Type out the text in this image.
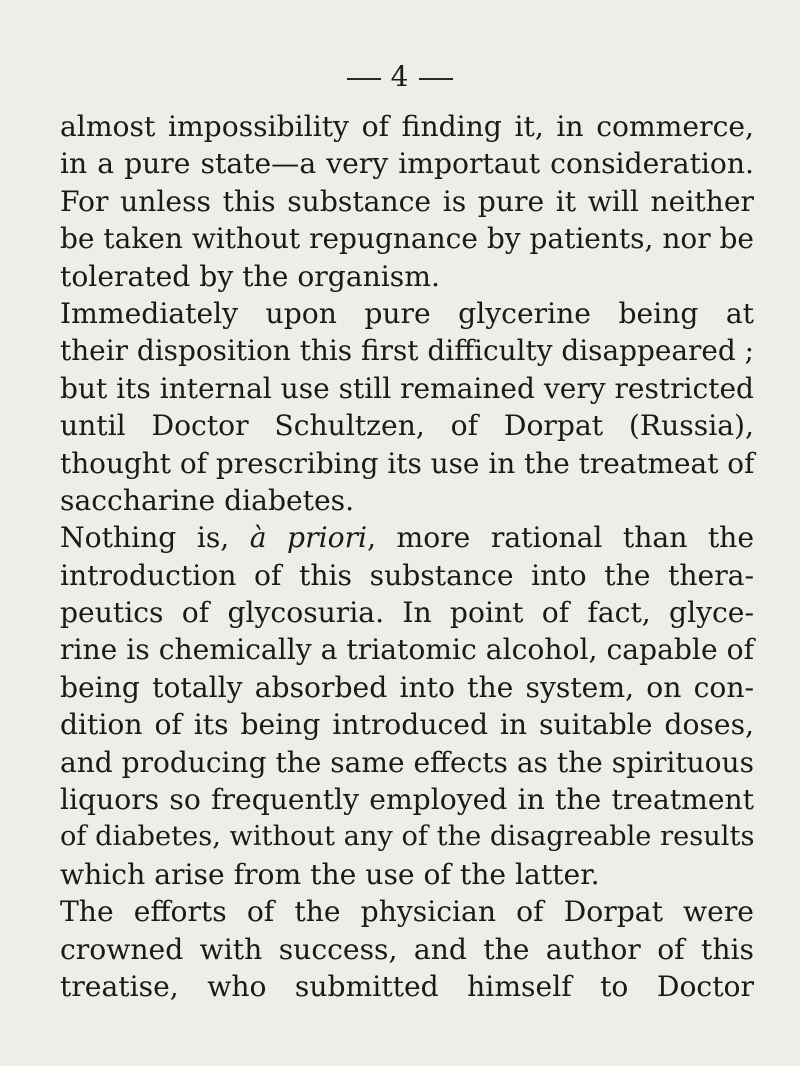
4
almost impossibility of finding it, in commerce,
in a pure state—a very importaut consideration.
For unless this substance is pure it will neither
be taken without repugnance by patients, nor be
tolerated by the organism.
Immediately upon pure glycerine being at
their disposition this first difficulty disappeared ;
but its internal use still remained very restricted
until Doctor Schultzen, of Dorpat (Russia),
thought of prescribing its use in the treatmeat of
saccharine diabetes.
Nothing is, à priori, more rational than the
introduction of this substance into the thera-
peutics of glycosuria. In point of fact, glyce-
rine is chemically a triatomic alcohol, capable of
being totally absorbed into the system, on con-
dition of its being introduced in suitable doses,
and producing the same effects as the spirituous
liquors so frequently employed in the treatment
of diabetes, without any of the disagreable results
which arise from the use of the latter.
The efforts of the physician of Dorpat were
crowned with success, and the author of this
treatise, who submitted himself to Doctor
